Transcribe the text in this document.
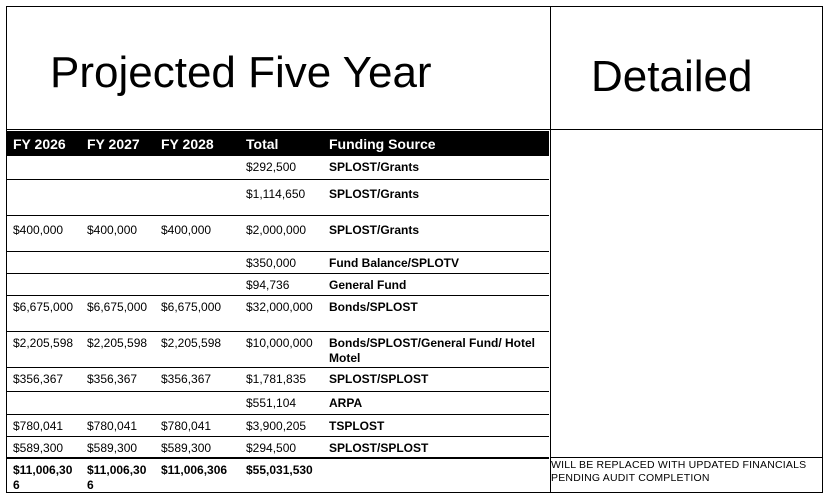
Projected Five Year	Detailed
FY 2026	FY 2027	FY 2028	Total	Funding Source
			$292,500	SPLOST/Grants
			$1,114,650	SPLOST/Grants
$400,000	$400,000	$400,000	$2,000,000	SPLOST/Grants
			$350,000	Fund Balance/SPLOTV
			$94,736	General Fund
$6,675,000	$6,675,000	$6,675,000	$32,000,000	Bonds/SPLOST
$2,205,598	$2,205,598	$2,205,598	$10,000,000	Bonds/SPLOST/General Fund/ Hotel Motel
$356,367	$356,367	$356,367	$1,781,835	SPLOST/SPLOST
			$551,104	ARPA
$780,041	$780,041	$780,041	$3,900,205	TSPLOST
$589,300	$589,300	$589,300	$294,500	SPLOST/SPLOST
$11,006,306	$11,006,306	$11,006,306	$55,031,530		WILL BE REPLACED WITH UPDATED FINANCIALS PENDING AUDIT COMPLETION
